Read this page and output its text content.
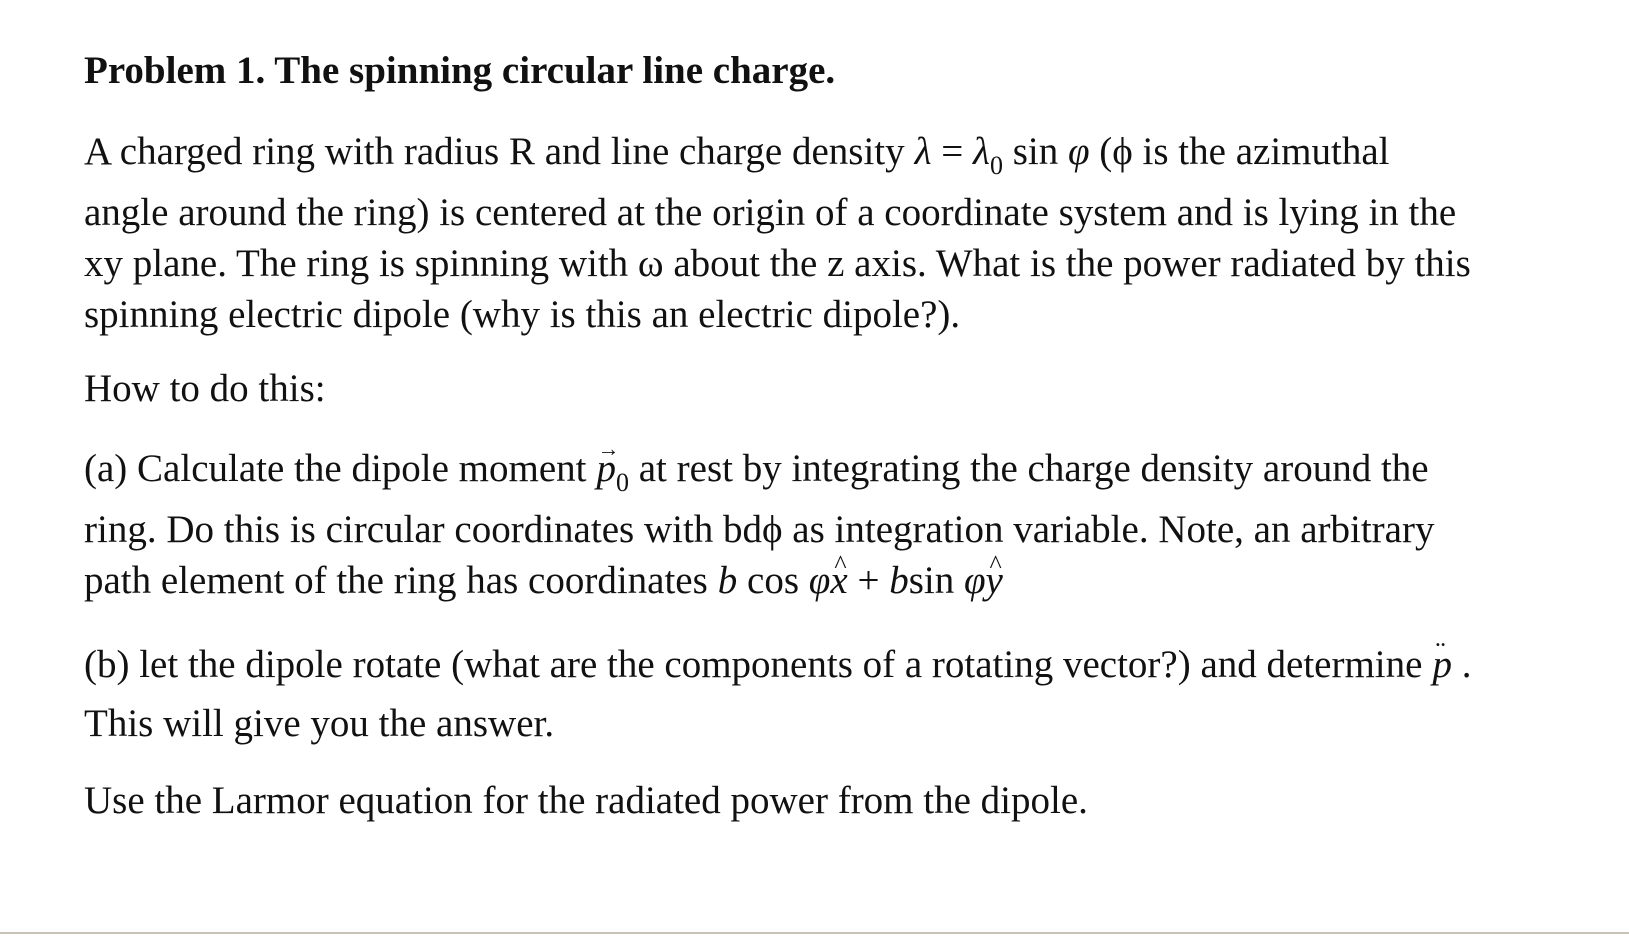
Problem 1. The spinning circular line charge.
A charged ring with radius R and line charge density $\lambda = \lambda_0$ sin φ (ϕ is the azimuthal
angle around the ring) is centered at the origin of a coordinate system and is lying in the
xy plane. The ring is spinning with ω about the z axis. What is the power radiated by this
spinning electric dipole (why is this an electric dipole?).
How to do this:
(a) Calculate the dipole moment → $p_0$ at rest by integrating the charge density around the
ring. Do this is circular coordinates with bdϕ as integration variable. Note, an arbitrary
path element of the ring has coordinates b cos φ^ x + bsin φ^ y
(b) let the dipole rotate (what are the components of a rotating vector?) and determine ¨ p .
This will give you the answer.
Use the Larmor equation for the radiated power from the dipole.
